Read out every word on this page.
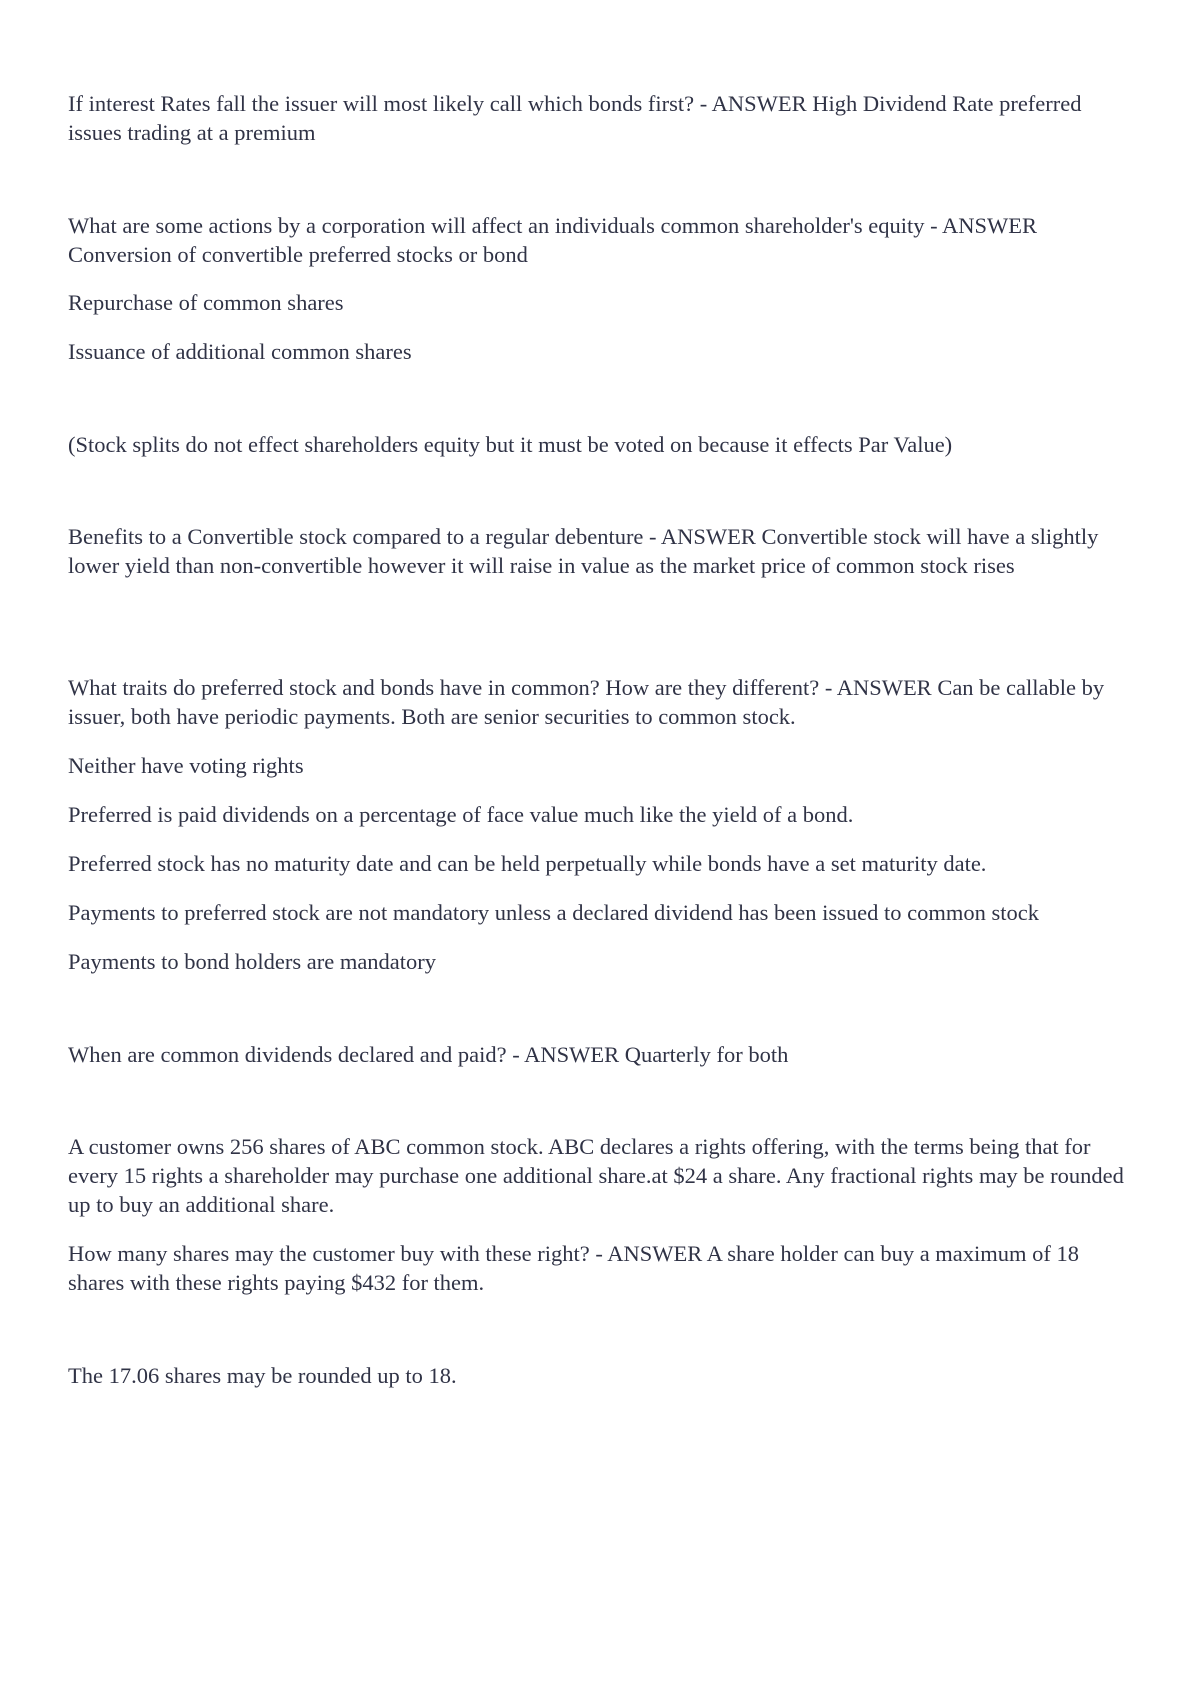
If interest Rates fall the issuer will most likely call which bonds first? - ANSWER High Dividend Rate preferred issues trading at a premium

What are some actions by a corporation will affect an individuals common shareholder's equity - ANSWER Conversion of convertible preferred stocks or bond

Repurchase of common shares

Issuance of additional common shares

(Stock splits do not effect shareholders equity but it must be voted on because it effects Par Value)

Benefits to a Convertible stock compared to a regular debenture - ANSWER Convertible stock will have a slightly lower yield than non-convertible however it will raise in value as the market price of common stock rises

What traits do preferred stock and bonds have in common? How are they different? - ANSWER Can be callable by issuer, both have periodic payments. Both are senior securities to common stock.

Neither have voting rights

Preferred is paid dividends on a percentage of face value much like the yield of a bond.

Preferred stock has no maturity date and can be held perpetually while bonds have a set maturity date.

Payments to preferred stock are not mandatory unless a declared dividend has been issued to common stock

Payments to bond holders are mandatory

When are common dividends declared and paid? - ANSWER Quarterly for both

A customer owns 256 shares of ABC common stock. ABC declares a rights offering, with the terms being that for every 15 rights a shareholder may purchase one additional share.at $24 a share. Any fractional rights may be rounded up to buy an additional share.

How many shares may the customer buy with these right? - ANSWER A share holder can buy a maximum of 18 shares with these rights paying $432 for them.

The 17.06 shares may be rounded up to 18.
